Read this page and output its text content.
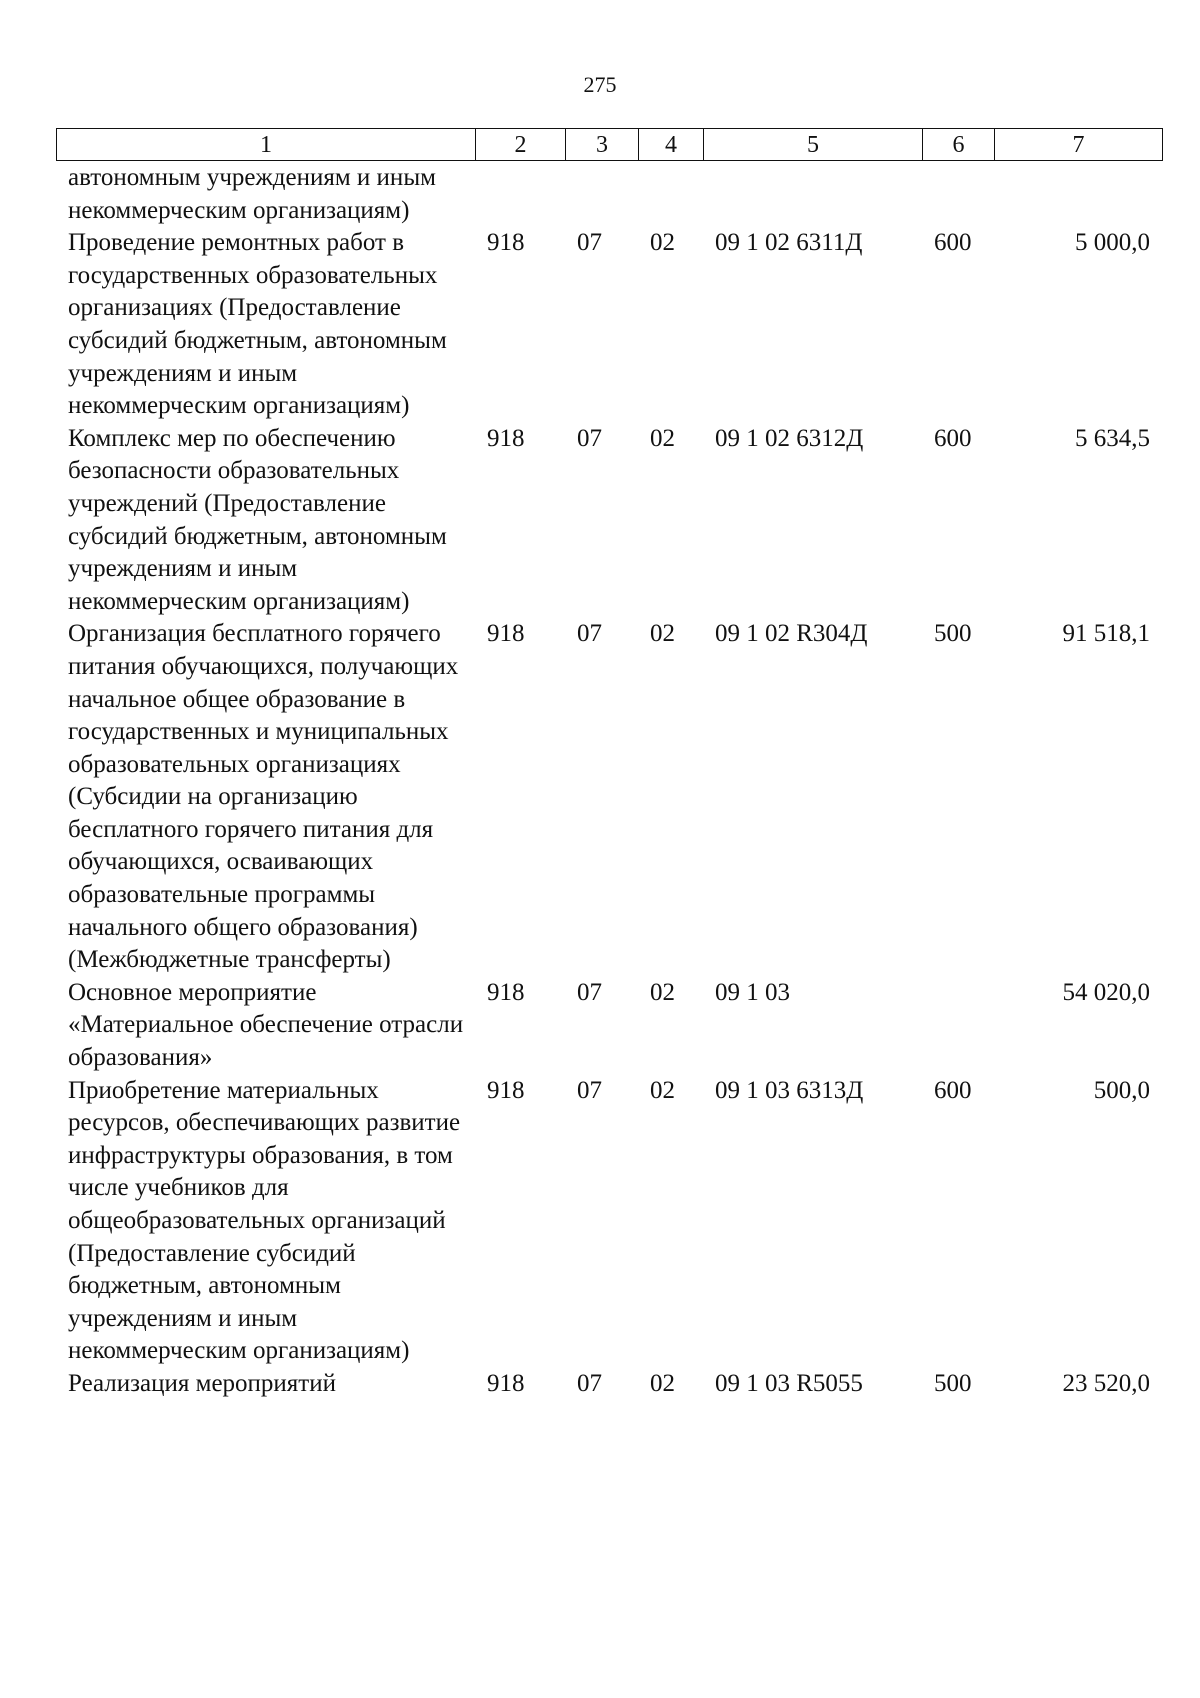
275
1	2	3	4	5	6	7
автономным учреждениям и иным некоммерческим организациям)						
Проведение ремонтных работ в государственных образовательных организациях (Предоставление субсидий бюджетным, автономным учреждениям и иным некоммерческим организациям)	918	07	02	09 1 02 6311Д	600	5 000,0
Комплекс мер по обеспечению безопасности образовательных учреждений (Предоставление субсидий бюджетным, автономным учреждениям и иным некоммерческим организациям)	918	07	02	09 1 02 6312Д	600	5 634,5
Организация бесплатного горячего питания обучающихся, получающих начальное общее образование в государственных и муниципальных образовательных организациях (Субсидии на организацию бесплатного горячего питания для обучающихся, осваивающих образовательные программы начального общего образования) (Межбюджетные трансферты)	918	07	02	09 1 02 R304Д	500	91 518,1
Основное мероприятие «Материальное обеспечение отрасли образования»	918	07	02	09 1 03		54 020,0
Приобретение материальных ресурсов, обеспечивающих развитие инфраструктуры образования, в том числе учебников для общеобразовательных организаций (Предоставление субсидий бюджетным, автономным учреждениям и иным некоммерческим организациям)	918	07	02	09 1 03 6313Д	600	500,0
Реализация мероприятий	918	07	02	09 1 03 R5055	500	23 520,0
